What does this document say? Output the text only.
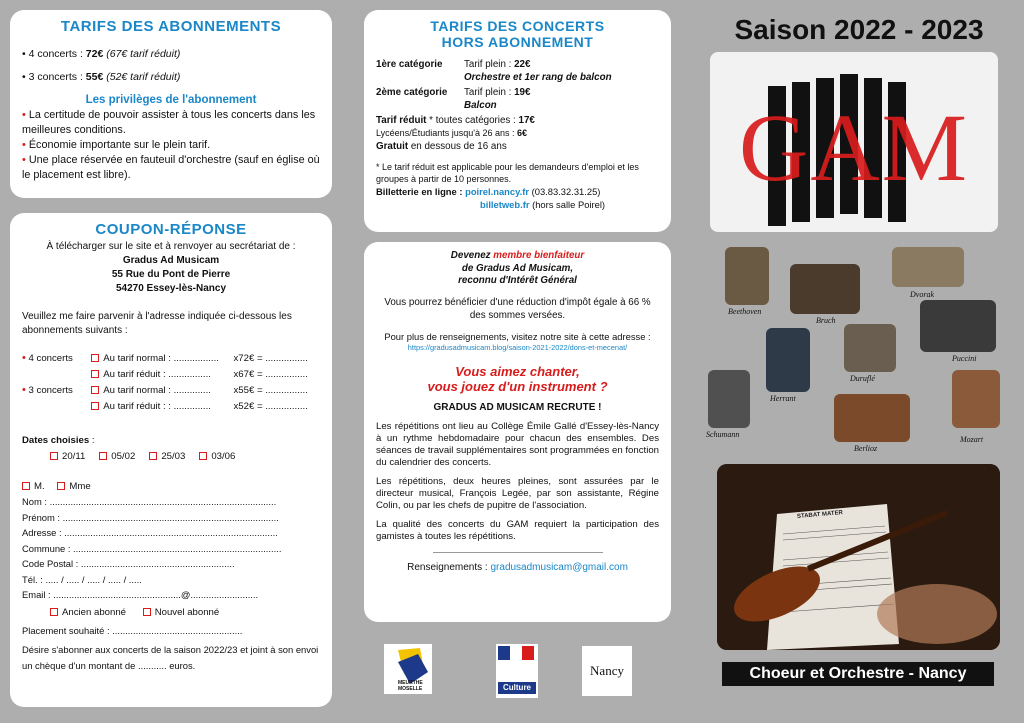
TARIFS DES ABONNEMENTS
• 4 concerts : 72€ (67€ tarif réduit)
• 3 concerts : 55€ (52€ tarif réduit)
Les privilèges de l'abonnement
• La certitude de pouvoir assister à tous les concerts dans les meilleures conditions.
• Économie importante sur le plein tarif.
• Une place réservée en fauteuil d'orchestre (sauf en église où le placement est libre).
COUPON-RÉPONSE
À télécharger sur le site et à renvoyer au secrétariat de :
Gradus Ad Musicam
55 Rue du Pont de Pierre
54270 Essey-lès-Nancy
Veuillez me faire parvenir à l'adresse indiquée ci-dessous les abonnements suivants :
• 4 concerts	Au tarif normal : .................	x72€ = ................
Au tarif réduit : ................	x67€ = ................
• 3 concerts	Au tarif normal : ..............	x55€ = ................
Au tarif réduit : : ..............	x52€ = ................
Dates choisies :
20/11	05/02	25/03	03/06
M.	Mme
Nom : .......................................................................................
Prénom : ...................................................................................
Adresse : ..................................................................................
Commune : ................................................................................
Code Postal : ...........................................................
Tél. : ..... / ..... / ..... / ..... / .....
Email : .................................................@..........................
Ancien abonné	Nouvel abonné
Placement souhaité : ..................................................
Désire s'abonner aux concerts de la saison 2022/23 et joint à son envoi
un chèque d'un montant de ........... euros.
TARIFS DES CONCERTS
HORS ABONNEMENT
1ère catégorie	Tarif plein : 22€
Orchestre et 1er rang de balcon
2ème catégorie	Tarif plein : 19€
Balcon
Tarif réduit * toutes catégories : 17€
Lycéens/Étudiants jusqu'à 26 ans : 6€
Gratuit en dessous de 16 ans
* Le tarif réduit est applicable pour les demandeurs d'emploi et les groupes à partir de 10 personnes.
Billetterie en ligne : poirel.nancy.fr (03.83.32.31.25)
billetweb.fr (hors salle Poirel)
Devenez membre bienfaiteur
de Gradus Ad Musicam,
reconnu d'Intérêt Général
Vous pourrez bénéficier d'une réduction d'impôt égale à 66 % des sommes versées.
Pour plus de renseignements, visitez notre site à cette adresse :
https://gradusadmusicam.blog/saison-2021-2022/dons-et-mecenat/
Vous aimez chanter,
vous jouez d'un instrument ?
GRADUS AD MUSICAM RECRUTE !
Les répétitions ont lieu au Collège Émile Gallé d'Essey-lès-Nancy à un rythme hebdomadaire pour chacun des ensembles. Des séances de travail supplémentaires sont programmées en fonction du calendrier des concerts.
Les répétitions, deux heures pleines, sont assurées par le directeur musical, François Legée, par son assistante, Régine Colin, ou par les chefs de pupitre de l'association.
La qualité des concerts du GAM requiert la participation des gamistes à toutes les répétitions.
Renseignements : gradusadmusicam@gmail.com
MEURTHE
MOSELLE	Culture
Nancy
Saison 2022 - 2023
GAM
Beethoven
Bruch
Dvorak
Puccini
Duruflé
Herrant
Schumann
Berlioz
Mozart
STABAT MATER
Choeur et Orchestre - Nancy
